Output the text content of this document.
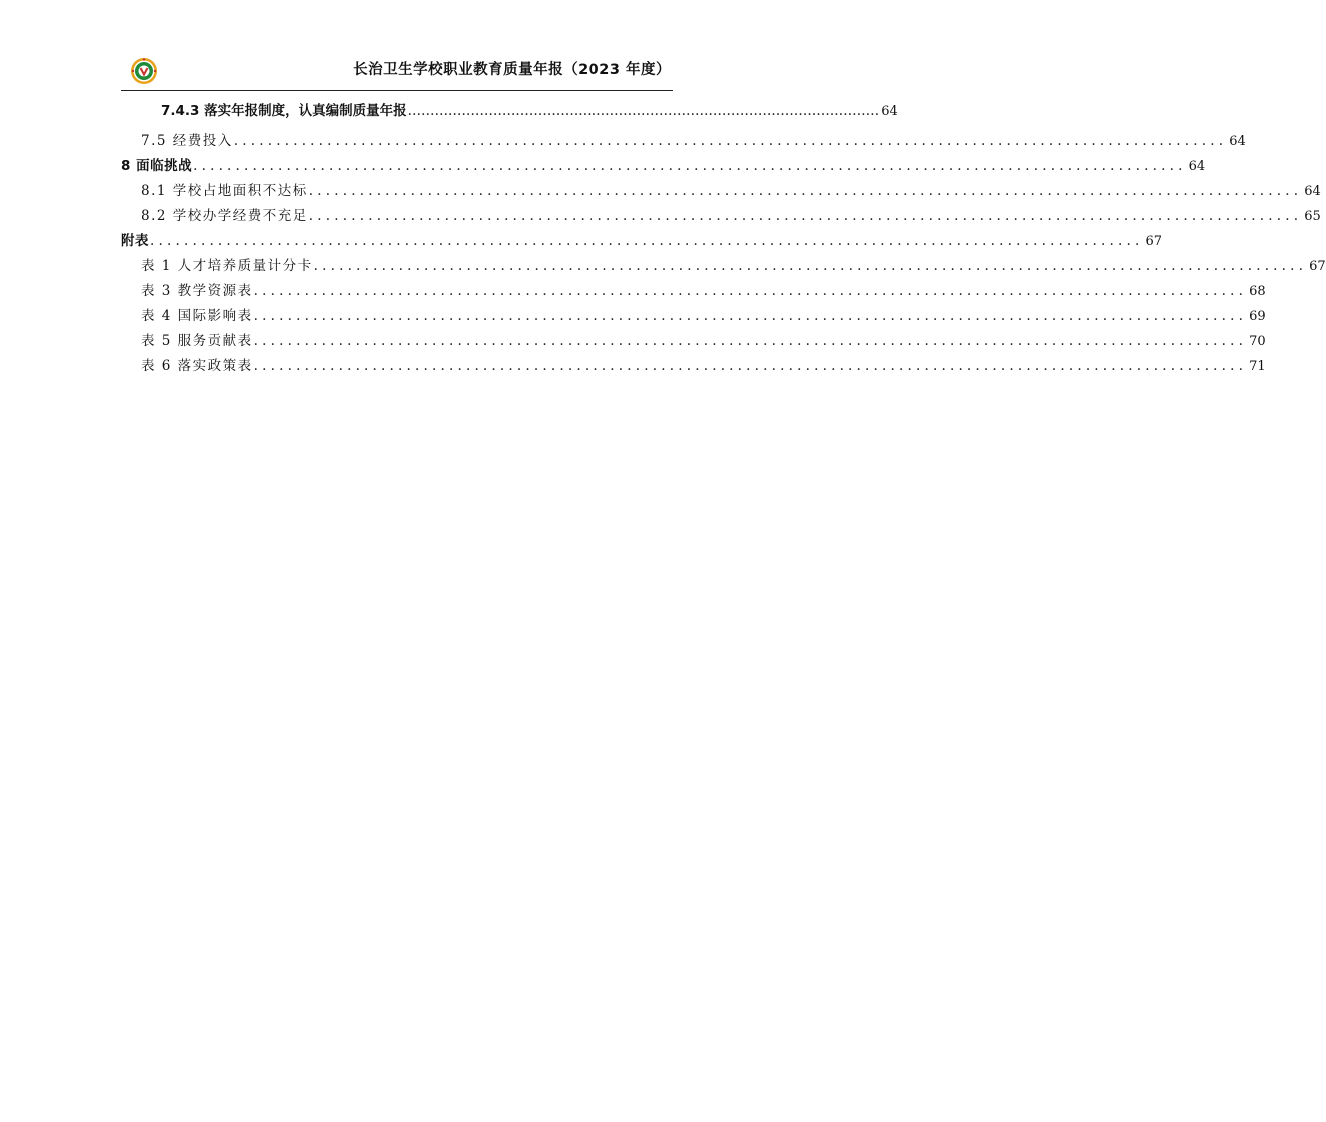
长治卫生学校职业教育质量年报（2023 年度）
7.4.3 落实年报制度，认真编制质量年报 ......................................................................................................... 64
7.5 经费投入 ..................................................................................................................... 64
8 面临挑战 ..................................................................................................................... 64
8.1 学校占地面积不达标 ..................................................................................................................... 64
8.2 学校办学经费不充足 ..................................................................................................................... 65
附表 ..................................................................................................................... 67
表 1 人才培养质量计分卡 ..................................................................................................................... 67
表 3 教学资源表 ..................................................................................................................... 68
表 4 国际影响表 ..................................................................................................................... 69
表 5 服务贡献表 ..................................................................................................................... 70
表 6 落实政策表 ..................................................................................................................... 71
